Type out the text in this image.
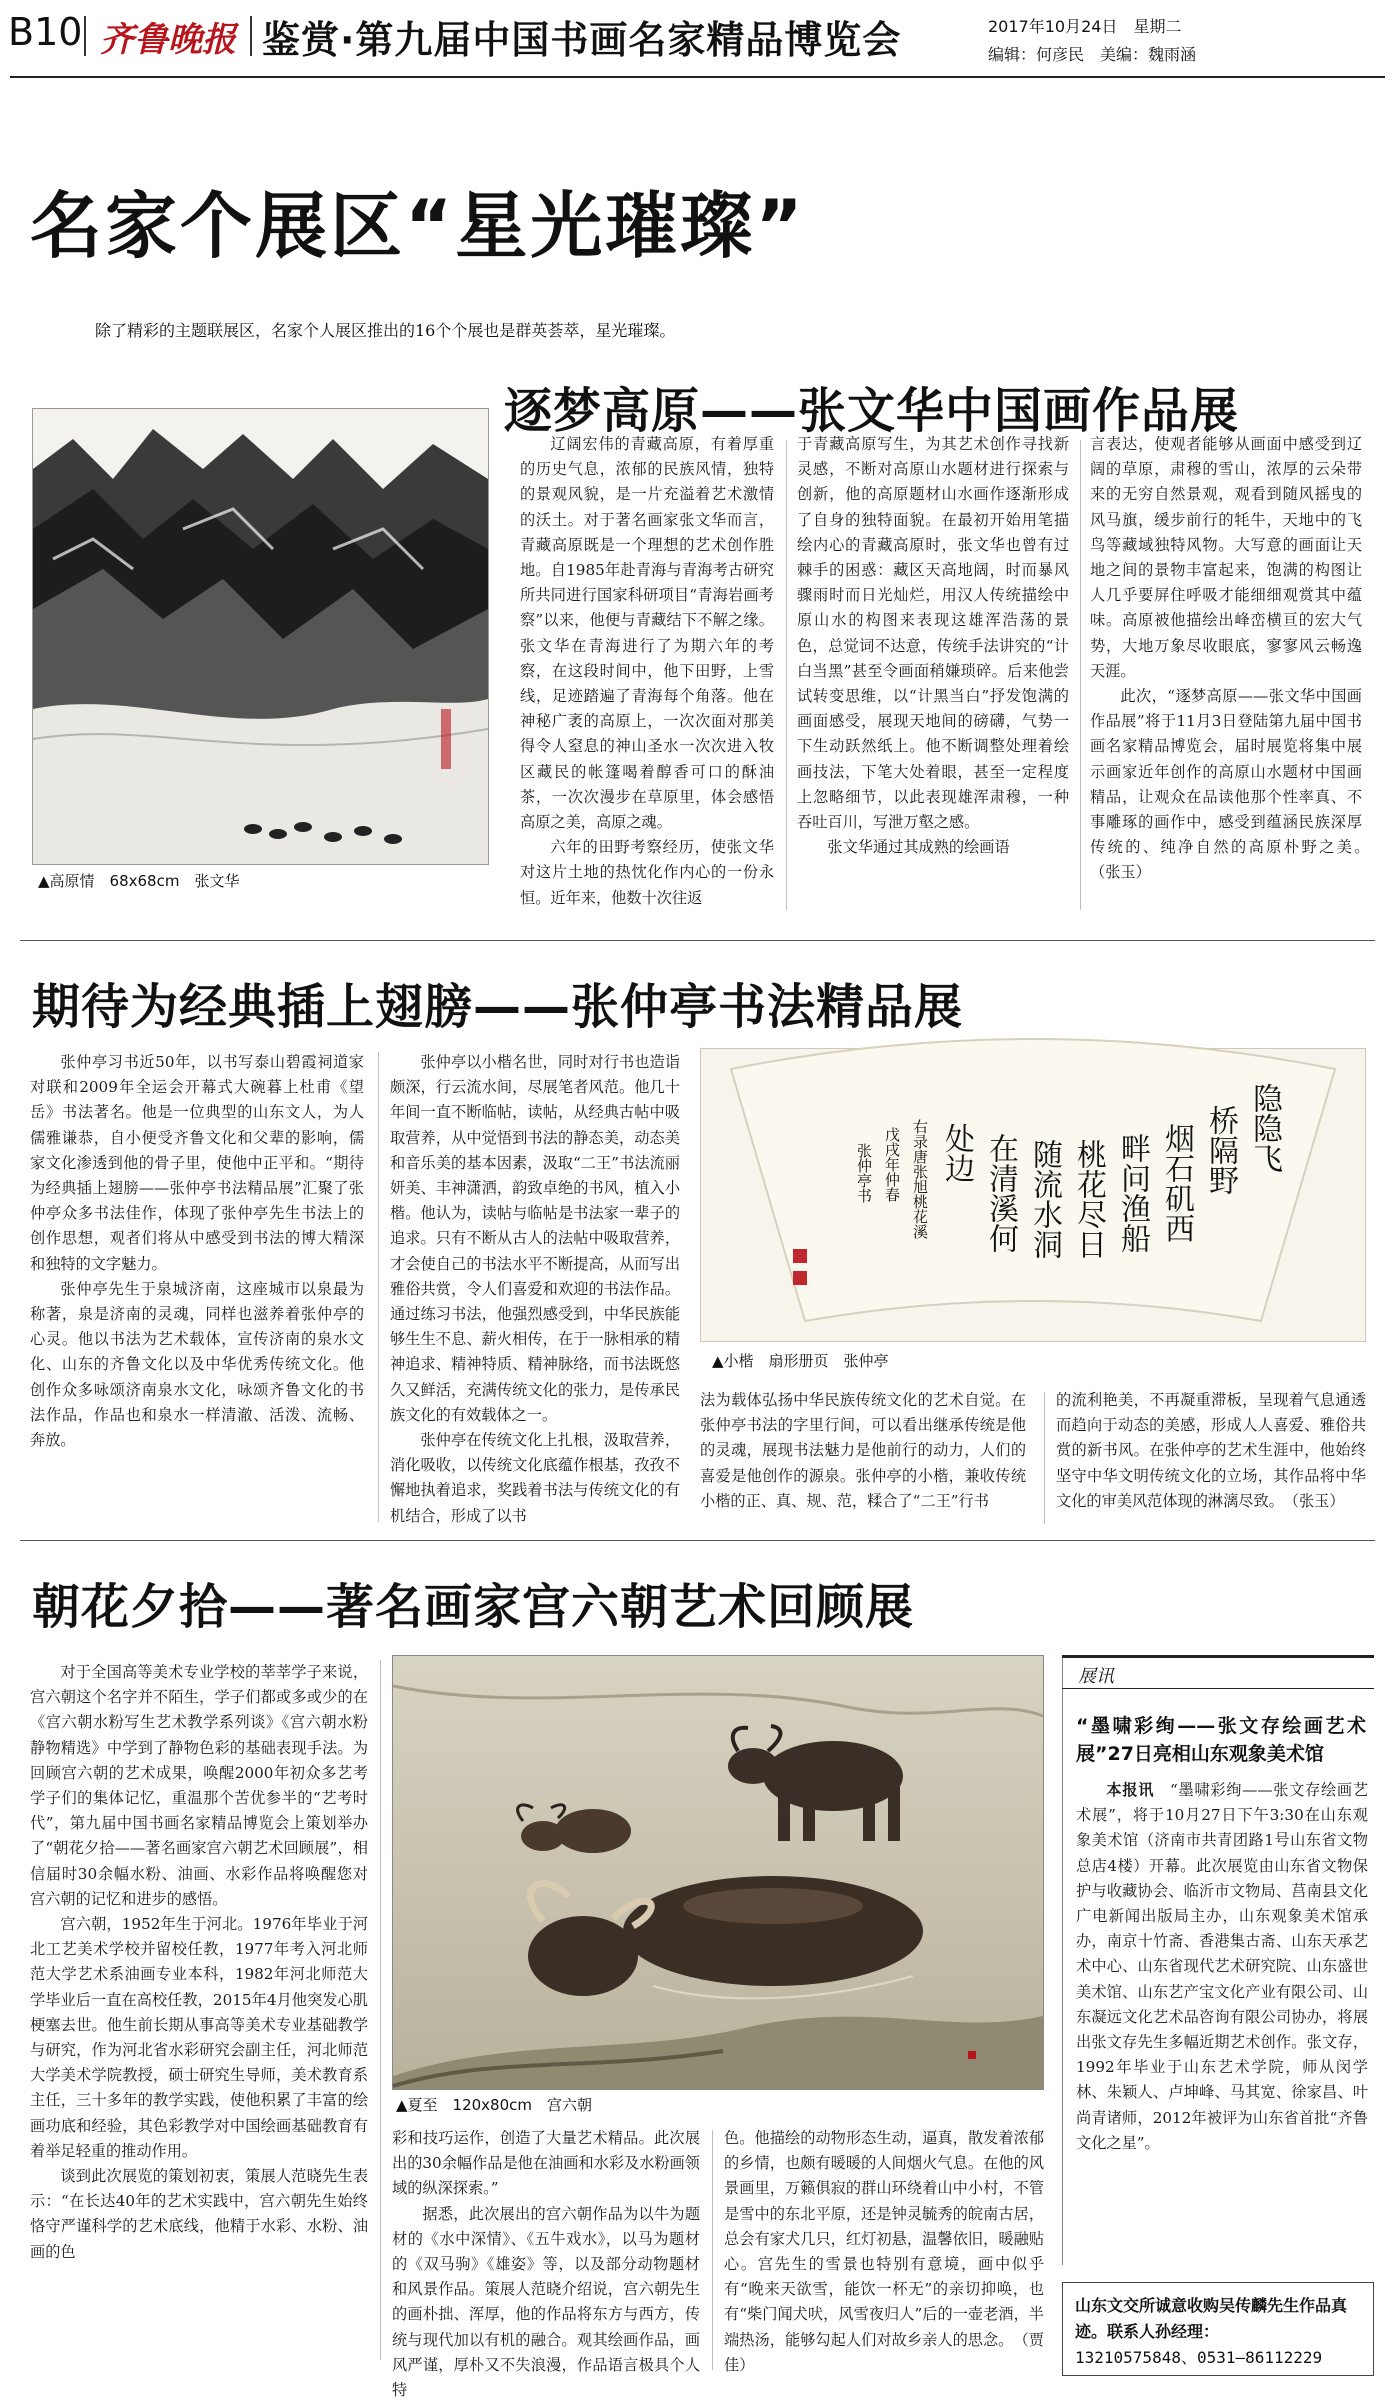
B10 齐鲁晚报 鉴赏·第九届中国书画名家精品博览会	2017年10月24日　星期二
编辑：何彦民　美编：魏雨涵
名家个展区“星光璀璨”
除了精彩的主题联展区，名家个人展区推出的16个个展也是群英荟萃，星光璀璨。
逐梦高原——张文华中国画作品展
▲高原情　68x68cm　张文华

辽阔宏伟的青藏高原，有着厚重的历史气息，浓郁的民族风情，独特的景观风貌，是一片充溢着艺术激情的沃土。对于著名画家张文华而言，青藏高原既是一个理想的艺术创作胜地。自1985年赴青海与青海考古研究所共同进行国家科研项目“青海岩画考察”以来，他便与青藏结下不解之缘。张文华在青海进行了为期六年的考察，在这段时间中，他下田野，上雪线，足迹踏遍了青海每个角落。他在神秘广袤的高原上，一次次面对那美得令人窒息的神山圣水一次次进入牧区藏民的帐篷喝着醇香可口的酥油茶，一次次漫步在草原里，体会感悟高原之美，高原之魂。

六年的田野考察经历，使张文华对这片土地的热忱化作内心的一份永恒。近年来，他数十次往返

于青藏高原写生，为其艺术创作寻找新灵感，不断对高原山水题材进行探索与创新，他的高原题材山水画作逐渐形成了自身的独特面貌。在最初开始用笔描绘内心的青藏高原时，张文华也曾有过棘手的困惑：藏区天高地阔，时而暴风骤雨时而日光灿烂，用汉人传统描绘中原山水的构图来表现这雄浑浩荡的景色，总觉词不达意，传统手法讲究的“计白当黑”甚至令画面稍嫌琐碎。后来他尝试转变思维，以“计黑当白”抒发饱满的画面感受，展现天地间的磅礴，气势一下生动跃然纸上。他不断调整处理着绘画技法，下笔大处着眼，甚至一定程度上忽略细节，以此表现雄浑肃穆，一种吞吐百川，写泄万壑之感。

张文华通过其成熟的绘画语

言表达，使观者能够从画面中感受到辽阔的草原，肃穆的雪山，浓厚的云朵带来的无穷自然景观，观看到随风摇曳的风马旗，缓步前行的牦牛，天地中的飞鸟等藏域独特风物。大写意的画面让天地之间的景物丰富起来，饱满的构图让人几乎要屏住呼吸才能细细观赏其中蕴味。高原被他描绘出峰峦横亘的宏大气势，大地万象尽收眼底，寥寥风云畅逸天涯。

此次，“逐梦高原——张文华中国画作品展”将于11月3日登陆第九届中国书画名家精品博览会，届时展览将集中展示画家近年创作的高原山水题材中国画精品，让观众在品读他那个性率真、不事雕琢的画作中，感受到蕴涵民族深厚传统的、纯净自然的高原朴野之美。　（张玉）

期待为经典插上翅膀——张仲亭书法精品展

张仲亭习书近50年，以书写泰山碧霞祠道家对联和2009年全运会开幕式大碗暮上杜甫《望岳》书法著名。他是一位典型的山东文人，为人儒雅谦恭，自小便受齐鲁文化和父辈的影响，儒家文化渗透到他的骨子里，使他中正平和。“期待为经典插上翅膀——张仲亭书法精品展”汇聚了张仲亭众多书法佳作，体现了张仲亭先生书法上的创作思想，观者们将从中感受到书法的博大精深和独特的文字魅力。

张仲亭先生于泉城济南，这座城市以泉最为称著，泉是济南的灵魂，同样也滋养着张仲亭的心灵。他以书法为艺术载体，宣传济南的泉水文化、山东的齐鲁文化以及中华优秀传统文化。他创作众多咏颂济南泉水文化，咏颂齐鲁文化的书法作品，作品也和泉水一样清澈、活泼、流畅、奔放。

张仲亭以小楷名世，同时对行书也造诣颇深，行云流水间，尽展笔者风范。他几十年间一直不断临帖，读帖，从经典古帖中吸取营养，从中觉悟到书法的静态美，动态美和音乐美的基本因素，汲取“二王”书法流丽妍美、丰神潇洒，韵致卓绝的书风，植入小楷。他认为，读帖与临帖是书法家一辈子的追求。只有不断从古人的法帖中吸取营养，才会使自己的书法水平不断提高，从而写出雅俗共赏，令人们喜爱和欢迎的书法作品。通过练习书法，他强烈感受到，中华民族能够生生不息、薪火相传，在于一脉相承的精神追求、精神特质、精神脉络，而书法既悠久又鲜活，充满传统文化的张力，是传承民族文化的有效载体之一。

张仲亭在传统文化上扎根，汲取营养，消化吸收，以传统文化底蕴作根基，孜孜不懈地执着追求，奖践着书法与传统文化的有机结合，形成了以书

隐隐飞
桥隔野
烟石矶西
畔问渔船
桃花尽日
随流水洞
在清溪何
处边
右录唐张旭桃花溪
戊戌年仲春
张仲亭书
▲小楷　扇形册页　张仲亭

法为载体弘扬中华民族传统文化的艺术自觉。在张仲亭书法的字里行间，可以看出继承传统是他的灵魂，展现书法魅力是他前行的动力，人们的喜爱是他创作的源泉。张仲亭的小楷，兼收传统小楷的正、真、规、范，糅合了“二王”行书

的流利艳美，不再凝重滞板，呈现着气息通透而趋向于动态的美感，形成人人喜爱、雅俗共赏的新书风。在张仲亭的艺术生涯中，他始终坚守中华文明传统文化的立场，其作品将中华文化的审美风范体现的淋漓尽致。　（张玉）

朝花夕拾——著名画家宫六朝艺术回顾展

对于全国高等美术专业学校的莘莘学子来说，宫六朝这个名字并不陌生，学子们都或多或少的在《宫六朝水粉写生艺术教学系列谈》《宫六朝水粉静物精选》中学到了静物色彩的基础表现手法。为回顾宫六朝的艺术成果，唤醒2000年初众多艺考学子们的集体记忆，重温那个苦优参半的“艺考时代”，第九届中国书画名家精品博览会上策划举办了“朝花夕拾——著名画家宫六朝艺术回顾展”，相信届时30余幅水粉、油画、水彩作品将唤醒您对宫六朝的记忆和进步的感悟。

宫六朝，1952年生于河北。1976年毕业于河北工艺美术学校并留校任教，1977年考入河北师范大学艺术系油画专业本科，1982年河北师范大学毕业后一直在高校任教，2015年4月他突发心肌梗塞去世。他生前长期从事高等美术专业基础教学与研究，作为河北省水彩研究会副主任，河北师范大学美术学院教授，硕士研究生导师，美术教育系主任，三十多年的教学实践，使他积累了丰富的绘画功底和经验，其色彩教学对中国绘画基础教育有着举足轻重的推动作用。

谈到此次展览的策划初衷，策展人范晓先生表示：“在长达40年的艺术实践中，宫六朝先生始终恪守严谨科学的艺术底线，他精于水彩、水粉、油画的色

▲夏至　120x80cm　宫六朝

彩和技巧运作，创造了大量艺术精品。此次展出的30余幅作品是他在油画和水彩及水粉画领域的纵深探索。”

据悉，此次展出的宫六朝作品为以牛为题材的《水中深情》、《五牛戏水》，以马为题材的《双马驹》《雄姿》等，以及部分动物题材和风景作品。策展人范晓介绍说，宫六朝先生的画朴拙、浑厚，他的作品将东方与西方，传统与现代加以有机的融合。观其绘画作品，画风严谨，厚朴又不失浪漫，作品语言极具个人特

色。他描绘的动物形态生动，逼真，散发着浓郁的乡情，也颇有暖暖的人间烟火气息。在他的风景画里，万籁俱寂的群山环绕着山中小村，不管是雪中的东北平原，还是钟灵毓秀的皖南古居，总会有家犬几只，红灯初悬，温馨依旧，暖融贴心。宫先生的雪景也特别有意境，画中似乎有“晚来天欲雪，能饮一杯无”的亲切抑唤，也有“柴门闻犬吠，风雪夜归人”后的一壶老酒，半端热汤，能够勾起人们对故乡亲人的思念。　（贾佳）

展讯
“墨啸彩绚——张文存绘画艺术展”27日亮相山东观象美术馆

本报讯　 “墨啸彩绚——张文存绘画艺术展”，将于10月27日下午3:30在山东观象美术馆（济南市共青团路1号山东省文物总店4楼）开幕。此次展览由山东省文物保护与收藏协会、临沂市文物局、莒南县文化广电新闻出版局主办，山东观象美术馆承办，南京十竹斋、香港集古斋、山东天承艺术中心、山东省现代艺术研究院、山东盛世美术馆、山东艺产宝文化产业有限公司、山东凝远文化艺术品咨询有限公司协办，将展出张文存先生多幅近期艺术创作。张文存，1992年毕业于山东艺术学院，师从闵学林、朱颖人、卢坤峰、马其宽、徐家昌、叶尚青诸师，2012年被评为山东省首批“齐鲁文化之星”。

山东文交所诚意收购吴传麟先生作品真迹。联系人孙经理：
13210575848、0531—86112229
